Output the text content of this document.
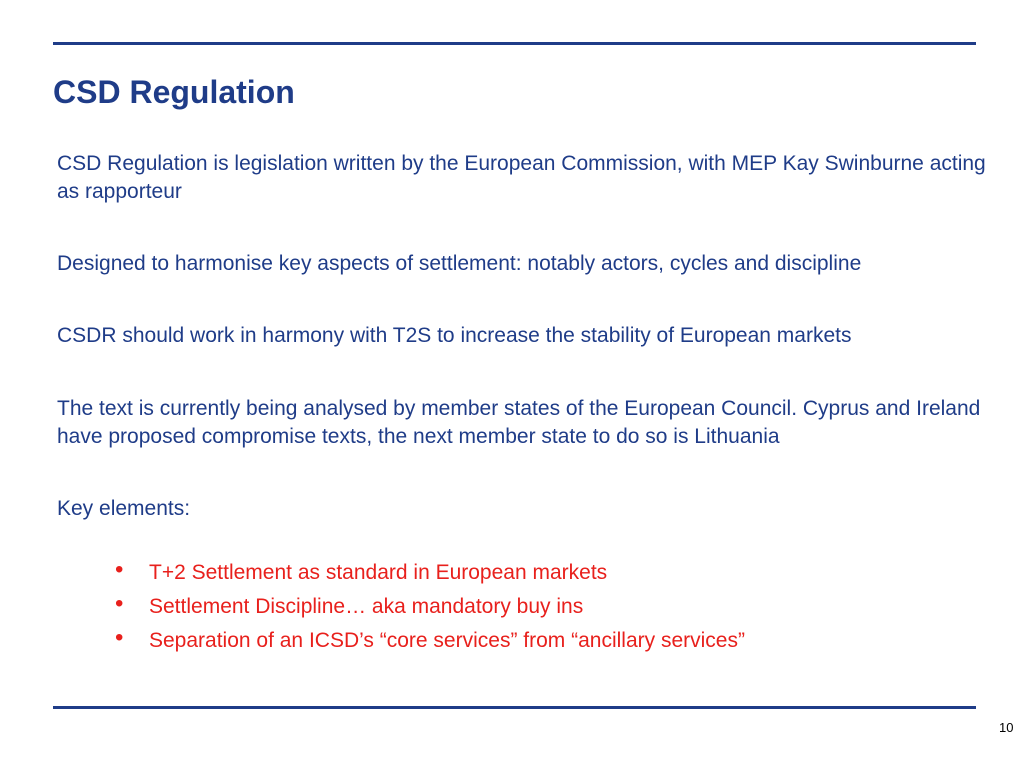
CSD Regulation

CSD Regulation is legislation written by the European Commission, with MEP Kay Swinburne acting as rapporteur

Designed to harmonise key aspects of settlement: notably actors, cycles and discipline

CSDR should work in harmony with T2S to increase the stability of European markets

The text is currently being analysed by member states of the European Council. Cyprus and Ireland have proposed compromise texts, the next member state to do so is Lithuania

Key elements:

• T+2 Settlement as standard in European markets
• Settlement Discipline… aka mandatory buy ins
• Separation of an ICSD’s “core services” from “ancillary services”
10
